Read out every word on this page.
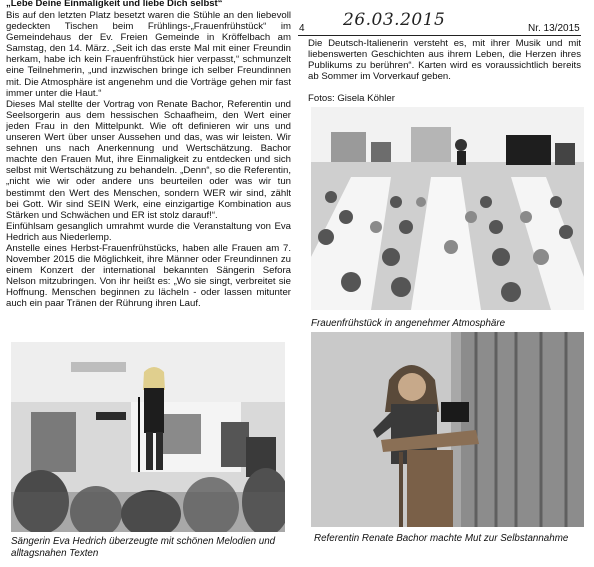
26.03.2015
4	Nr. 13/2015
„Lebe Deine Einmaligkeit und liebe Dich selbst“

Bis auf den letzten Platz besetzt waren die Stühle an den liebevoll gedeckten Tischen beim Frühlings-„Frauenfrühstück“ im Gemeindehaus der Ev. Freien Gemeinde in Kröffelbach am Samstag, den 14. März. „Seit ich das erste Mal mit einer Freundin herkam, habe ich kein Frauenfrühstück hier verpasst,“ schmunzelt eine Teilnehmerin, „und inzwischen bringe ich selber Freundinnen mit. Die Atmosphäre ist angenehm und die Vorträge gehen mir fast immer unter die Haut.“

Dieses Mal stellte der Vortrag von Renate Bachor, Referentin und Seelsorgerin aus dem hessischen Schaafheim, den Wert einer jeden Frau in den Mittelpunkt. Wie oft definieren wir uns und unseren Wert über unser Aussehen und das, was wir leisten. Wir sehnen uns nach Anerkennung und Wertschätzung. Bachor machte den Frauen Mut, ihre Einmaligkeit zu entdecken und sich selbst mit Wertschätzung zu behandeln. „Denn“, so die Referentin, „nicht wie wir oder andere uns beurteilen oder was wir tun bestimmt den Wert des Menschen, sondern WER wir sind, zählt bei Gott. Wir sind SEIN Werk, eine einzigartige Kombination aus Stärken und Schwächen und ER ist stolz darauf!“.

Einfühlsam gesanglich umrahmt wurde die Veranstaltung von Eva Hedrich aus Niederlemp.

Anstelle eines Herbst-Frauenfrühstücks, haben alle Frauen am 7. November 2015 die Möglichkeit, ihre Männer oder Freundinnen zu einem Konzert der international bekannten Sängerin Sefora Nelson mitzubringen. Von ihr heißt es: „Wo sie singt, verbreitet sie Hoffnung. Menschen beginnen zu lächeln - oder lassen mitunter auch ein paar Tränen der Rührung ihren Lauf.

Sängerin Eva Hedrich überzeugte mit schönen Melodien und alltagsnahen Texten

Die Deutsch-Italienerin versteht es, mit ihrer Musik und mit liebenswerten Geschichten aus ihrem Leben, die Herzen ihres Publikums zu berühren“. Karten wird es voraussichtlich bereits ab Sommer im Vorverkauf geben.

Fotos: Gisela Köhler
Frauenfrühstück in angenehmer Atmosphäre
Referentin Renate Bachor machte Mut zur Selbstannahme
